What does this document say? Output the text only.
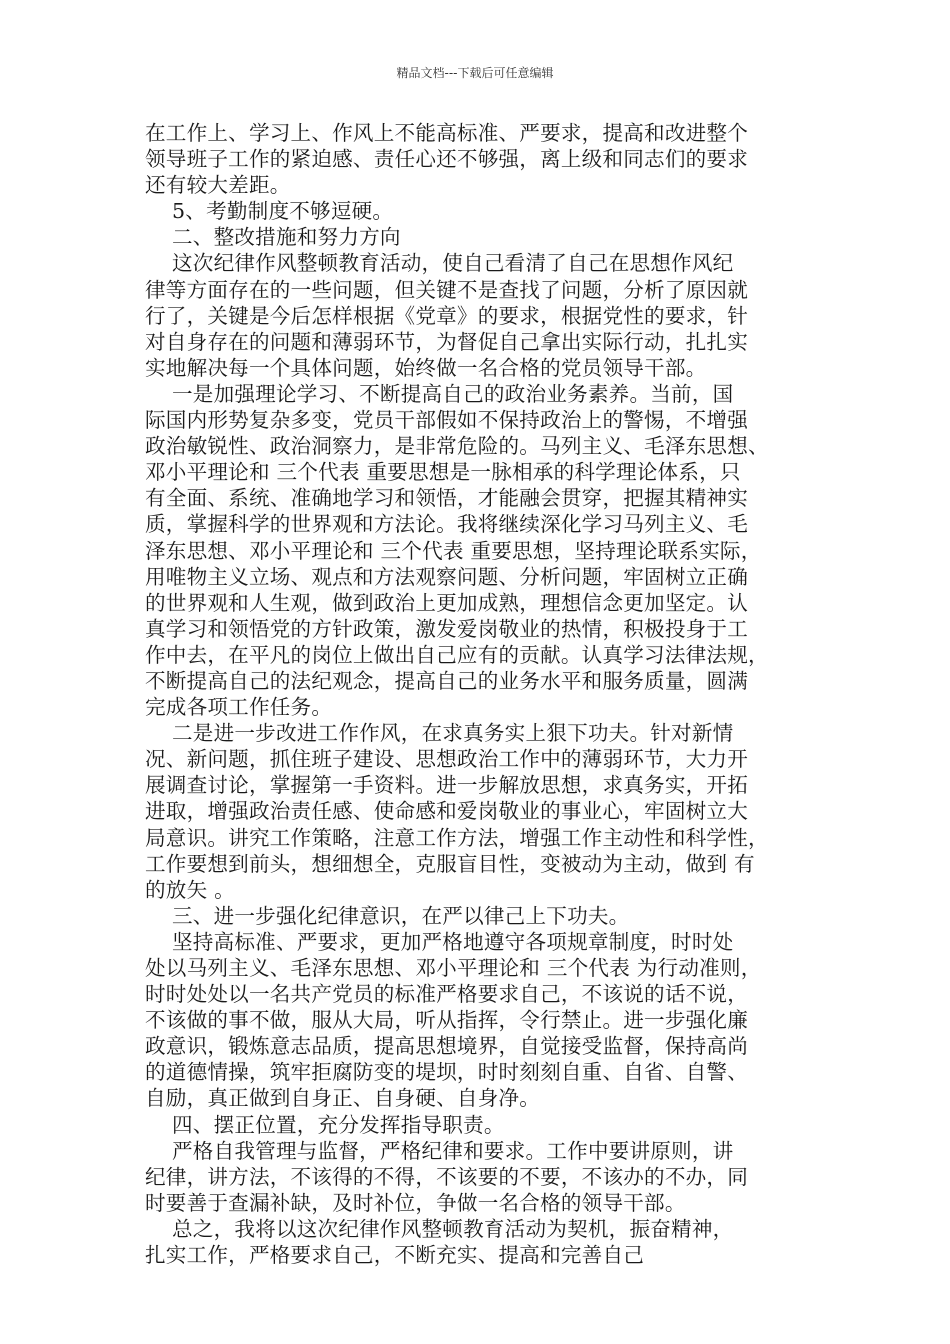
精品文档---下载后可任意编辑
在工作上、学习上、作风上不能高标准、严要求，提高和改进整个
领导班子工作的紧迫感、责任心还不够强，离上级和同志们的要求
还有较大差距。
5、考勤制度不够逗硬。
二、整改措施和努力方向
这次纪律作风整顿教育活动，使自己看清了自己在思想作风纪
律等方面存在的一些问题，但关键不是查找了问题，分析了原因就
行了，关键是今后怎样根据《党章》的要求，根据党性的要求，针
对自身存在的问题和薄弱环节，为督促自己拿出实际行动，扎扎实
实地解决每一个具体问题，始终做一名合格的党员领导干部。
一是加强理论学习、不断提高自己的政治业务素养。当前，国
际国内形势复杂多变，党员干部假如不保持政治上的警惕，不增强
政治敏锐性、政治洞察力，是非常危险的。马列主义、毛泽东思想、
邓小平理论和 三个代表 重要思想是一脉相承的科学理论体系，只
有全面、系统、准确地学习和领悟，才能融会贯穿，把握其精神实
质，掌握科学的世界观和方法论。我将继续深化学习马列主义、毛
泽东思想、邓小平理论和 三个代表 重要思想，坚持理论联系实际，
用唯物主义立场、观点和方法观察问题、分析问题，牢固树立正确
的世界观和人生观，做到政治上更加成熟，理想信念更加坚定。认
真学习和领悟党的方针政策，激发爱岗敬业的热情，积极投身于工
作中去，在平凡的岗位上做出自己应有的贡献。认真学习法律法规，
不断提高自己的法纪观念，提高自己的业务水平和服务质量，圆满
完成各项工作任务。
二是进一步改进工作作风，在求真务实上狠下功夫。针对新情
况、新问题，抓住班子建设、思想政治工作中的薄弱环节，大力开
展调查讨论，掌握第一手资料。进一步解放思想，求真务实，开拓
进取，增强政治责任感、使命感和爱岗敬业的事业心，牢固树立大
局意识。讲究工作策略，注意工作方法，增强工作主动性和科学性，
工作要想到前头，想细想全，克服盲目性，变被动为主动，做到 有
的放矢 。
三、进一步强化纪律意识，在严以律己上下功夫。
坚持高标准、严要求，更加严格地遵守各项规章制度，时时处
处以马列主义、毛泽东思想、邓小平理论和 三个代表 为行动准则，
时时处处以一名共产党员的标准严格要求自己，不该说的话不说，
不该做的事不做，服从大局，听从指挥，令行禁止。进一步强化廉
政意识，锻炼意志品质，提高思想境界，自觉接受监督，保持高尚
的道德情操，筑牢拒腐防变的堤坝，时时刻刻自重、自省、自警、
自励，真正做到自身正、自身硬、自身净。
四、摆正位置，充分发挥指导职责。
严格自我管理与监督，严格纪律和要求。工作中要讲原则，讲
纪律，讲方法，不该得的不得，不该要的不要，不该办的不办，同
时要善于查漏补缺，及时补位，争做一名合格的领导干部。
总之，我将以这次纪律作风整顿教育活动为契机，振奋精神，
扎实工作，严格要求自己，不断充实、提高和完善自己
